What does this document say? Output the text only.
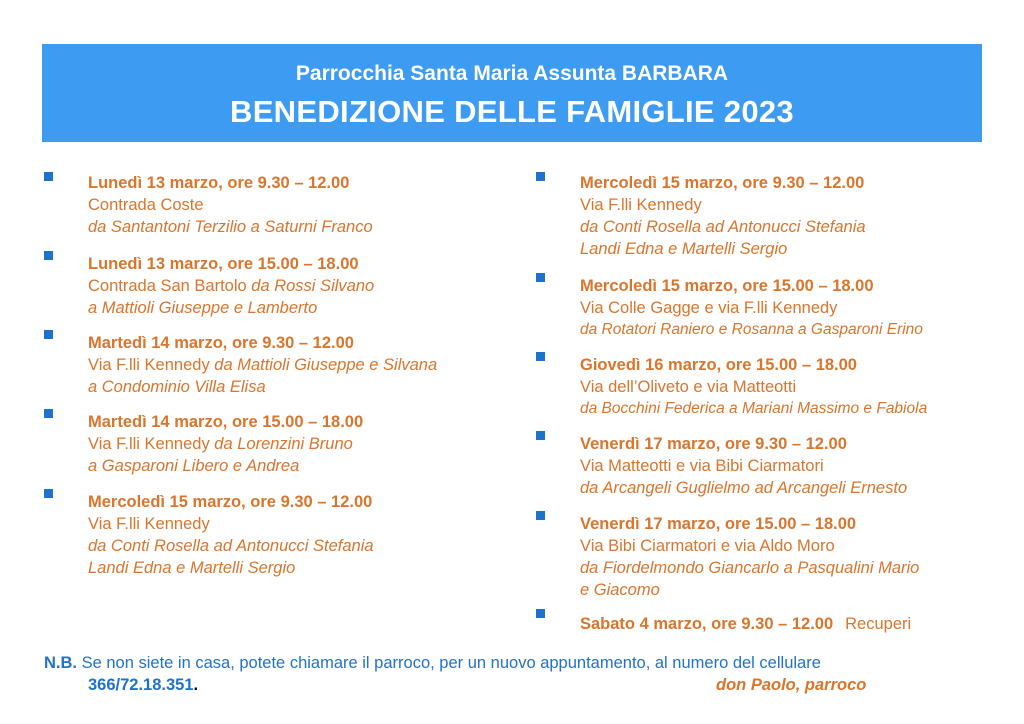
Parrocchia Santa Maria Assunta BARBARA
BENEDIZIONE DELLE FAMIGLIE 2023
Lunedì 13 marzo, ore 9.30 – 12.00
Contrada Coste
da Santantoni Terzilio a Saturni Franco
Lunedì 13 marzo, ore 15.00 – 18.00
Contrada San Bartolo da Rossi Silvano
a Mattioli Giuseppe e Lamberto
Martedì 14 marzo, ore 9.30 – 12.00
Via F.lli Kennedy da Mattioli Giuseppe e Silvana
a Condominio Villa Elisa
Martedì 14 marzo, ore 15.00 – 18.00
Via F.lli Kennedy da Lorenzini Bruno
a Gasparoni Libero e Andrea
Mercoledì 15 marzo, ore 9.30 – 12.00
Via F.lli Kennedy
da Conti Rosella ad Antonucci Stefania
Landi Edna e Martelli Sergio
Mercoledì 15 marzo, ore 9.30 – 12.00
Via F.lli Kennedy
da Conti Rosella ad Antonucci Stefania
Landi Edna e Martelli Sergio
Mercoledì 15 marzo, ore 15.00 – 18.00
Via Colle Gagge e via F.lli Kennedy
da Rotatori Raniero e Rosanna a Gasparoni Erino
Giovedì 16 marzo, ore 15.00 – 18.00
Via dell’Oliveto e via Matteotti
da Bocchini Federica a Mariani Massimo e Fabiola
Venerdì 17 marzo, ore 9.30 – 12.00
Via Matteotti e via Bibi Ciarmatori
da Arcangeli Guglielmo ad Arcangeli Ernesto
Venerdì 17 marzo, ore 15.00 – 18.00
Via Bibi Ciarmatori e via Aldo Moro
da Fiordelmondo Giancarlo a Pasqualini Mario
e Giacomo
Sabato 4 marzo, ore 9.30 – 12.00 Recuperi
N.B. Se non siete in casa, potete chiamare il parroco, per un nuovo appuntamento, al numero del cellulare
366/72.18.351.	don Paolo, parroco
